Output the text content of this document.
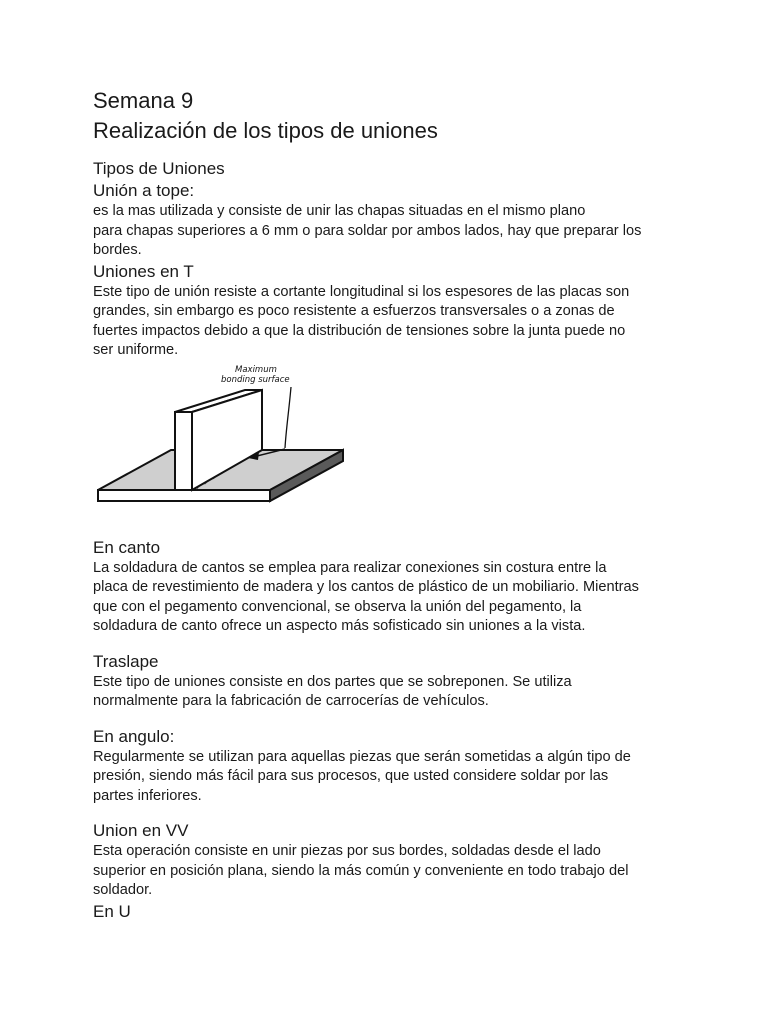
Semana 9
Realización de los tipos de uniones
Tipos de Uniones
Unión a tope:

es la mas utilizada y consiste de unir las chapas situadas en el mismo plano
para chapas superiores a 6 mm o para soldar por ambos lados, hay que preparar los
bordes.

Uniones en T

Este tipo de unión resiste a cortante longitudinal si los espesores de las placas son
grandes, sin embargo es poco resistente a esfuerzos transversales o a zonas de
fuertes impactos debido a que la distribución de tensiones sobre la junta puede no
ser uniforme.

Maximum
bonding surface
En canto

La soldadura de cantos se emplea para realizar conexiones sin costura entre la
placa de revestimiento de madera y los cantos de plástico de un mobiliario. Mientras
que con el pegamento convencional, se observa la unión del pegamento, la
soldadura de canto ofrece un aspecto más sofisticado sin uniones a la vista.

Traslape

Este tipo de uniones consiste en dos partes que se sobreponen. Se utiliza
normalmente para la fabricación de carrocerías de vehículos.

En angulo:

Regularmente se utilizan para aquellas piezas que serán sometidas a algún tipo de
presión, siendo más fácil para sus procesos, que usted considere soldar por las
partes inferiores.

Union en VV

Esta operación consiste en unir piezas por sus bordes, soldadas desde el lado
superior en posición plana, siendo la más común y conveniente en todo trabajo del
soldador.

En U
